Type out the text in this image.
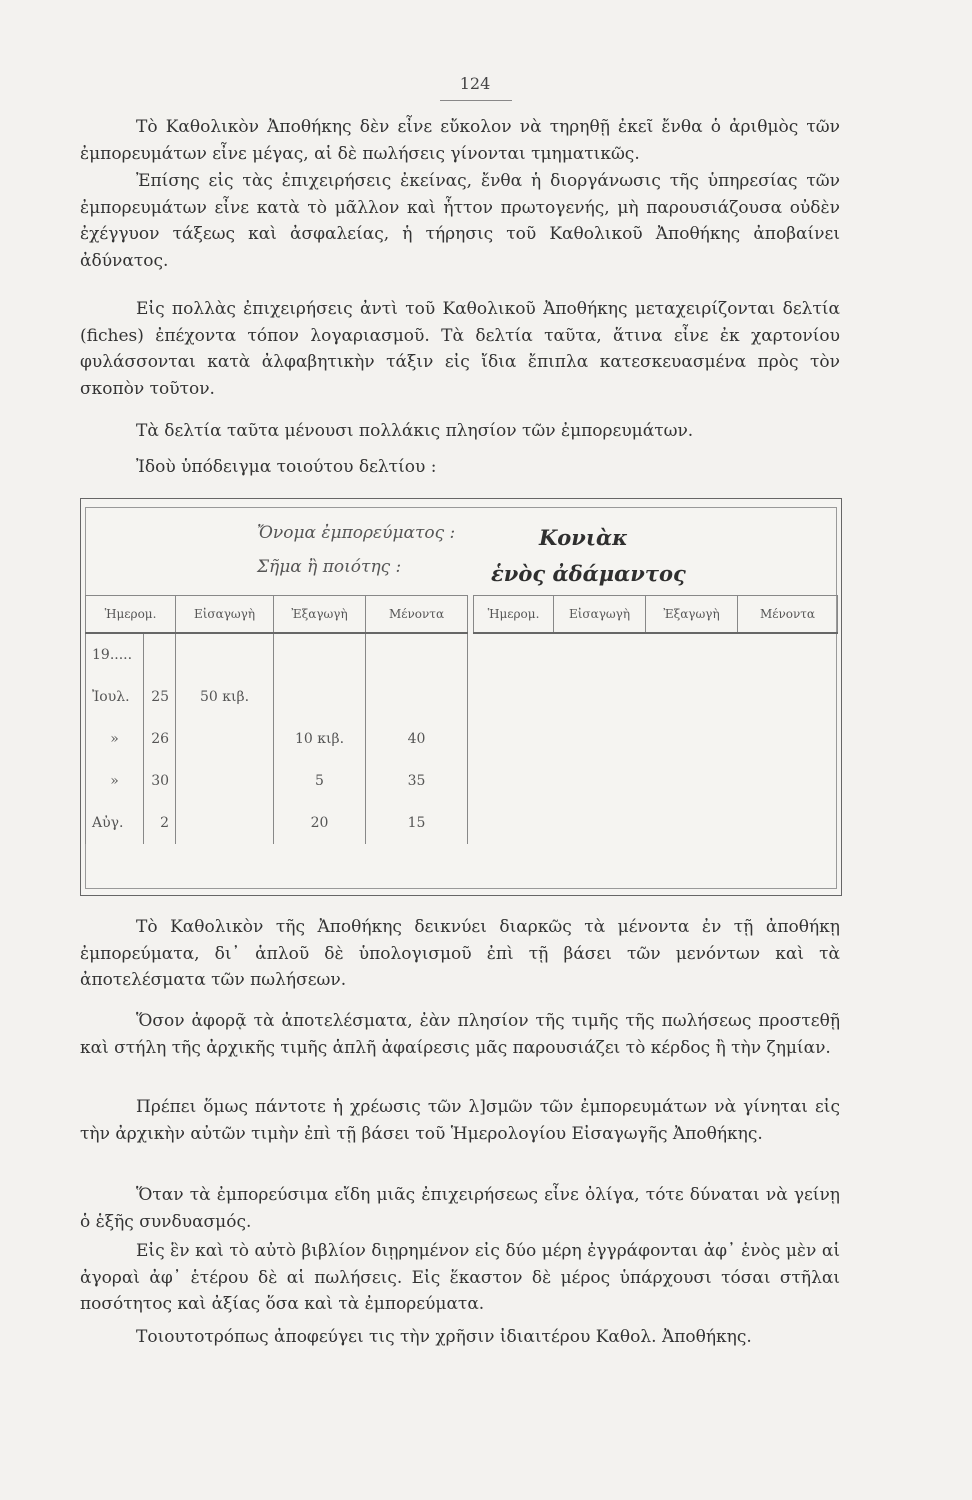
124

Τὸ Καθολικὸν Ἀποθήκης δὲν εἶνε εὔκολον νὰ τηρηθῇ ἐκεῖ ἔνθα ὁ ἀριθμὸς τῶν ἐμπορευμάτων εἶνε μέγας, αἱ δὲ πωλήσεις γίνονται τμηματικῶς.

Ἐπίσης εἰς τὰς ἐπιχειρήσεις ἐκείνας, ἔνθα ἡ διοργάνωσις τῆς ὑπηρεσίας τῶν ἐμπορευμάτων εἶνε κατὰ τὸ μᾶλλον καὶ ἧττον πρωτογενής, μὴ παρουσιάζουσα οὐδὲν ἐχέγγυον τάξεως καὶ ἀσφαλείας, ἡ τήρησις τοῦ Καθολικοῦ Ἀποθήκης ἀποβαίνει ἀδύνατος.

Εἰς πολλὰς ἐπιχειρήσεις ἀντὶ τοῦ Καθολικοῦ Ἀποθήκης μεταχειρίζονται δελτία (fiches) ἐπέχοντα τόπον λογαριασμοῦ. Τὰ δελτία ταῦτα, ἅτινα εἶνε ἐκ χαρτονίου φυλάσσονται κατὰ ἀλφαβητικὴν τάξιν εἰς ἴδια ἔπιπλα κατεσκευασμένα πρὸς τὸν σκοπὸν τοῦτον.

Τὰ δελτία ταῦτα μένουσι πολλάκις πλησίον τῶν ἐμπορευμάτων.

Ἰδοὺ ὑπόδειγμα τοιούτου δελτίου :

Ὄνομα ἐμπορεύματος :	Κονιὰκ
Σῆμα ἢ ποιότης :	ἑνὸς ἀδάμαντος
Ἡμερομ.		Εἰσαγωγὴ	Ἐξαγωγὴ	Μένοντα
19.....				
Ἰουλ.	25	50 κιβ.		
»	26		10 κιβ.	40
»	30		5	35
Αὐγ.	2		20	15

Ἡμερομ.	Εἰσαγωγὴ	Ἐξαγωγὴ	Μένοντα

Τὸ Καθολικὸν τῆς Ἀποθήκης δεικνύει διαρκῶς τὰ μένοντα ἐν τῇ ἀποθήκῃ ἐμπορεύματα, δι᾿ ἁπλοῦ δὲ ὑπολογισμοῦ ἐπὶ τῇ βάσει τῶν μενόντων καὶ τὰ ἀποτελέσματα τῶν πωλήσεων.

Ὅσον ἀφορᾷ τὰ ἀποτελέσματα, ἐὰν πλησίον τῆς τιμῆς τῆς πωλήσεως προστεθῇ καὶ στήλη τῆς ἀρχικῆς τιμῆς ἁπλῆ ἀφαίρεσις μᾶς παρουσιάζει τὸ κέρδος ἢ τὴν ζημίαν.

Πρέπει ὅμως πάντοτε ἡ χρέωσις τῶν λ]σμῶν τῶν ἐμπορευμάτων νὰ γίνηται εἰς τὴν ἀρχικὴν αὐτῶν τιμὴν ἐπὶ τῇ βάσει τοῦ Ἡμερολογίου Εἰσαγωγῆς Ἀποθήκης.

Ὅταν τὰ ἐμπορεύσιμα εἴδη μιᾶς ἐπιχειρήσεως εἶνε ὀλίγα, τότε δύναται νὰ γείνῃ ὁ ἑξῆς συνδυασμός.

Εἰς ἓν καὶ τὸ αὐτὸ βιβλίον διῃρημένον εἰς δύο μέρη ἐγγράφονται ἀφ᾿ ἑνὸς μὲν αἱ ἀγοραὶ ἀφ᾿ ἑτέρου δὲ αἱ πωλήσεις. Εἰς ἕκαστον δὲ μέρος ὑπάρχουσι τόσαι στῆλαι ποσότητος καὶ ἀξίας ὅσα καὶ τὰ ἐμπορεύματα.

Τοιουτοτρόπως ἀποφεύγει τις τὴν χρῆσιν ἰδιαιτέρου Καθολ. Ἀποθήκης.
